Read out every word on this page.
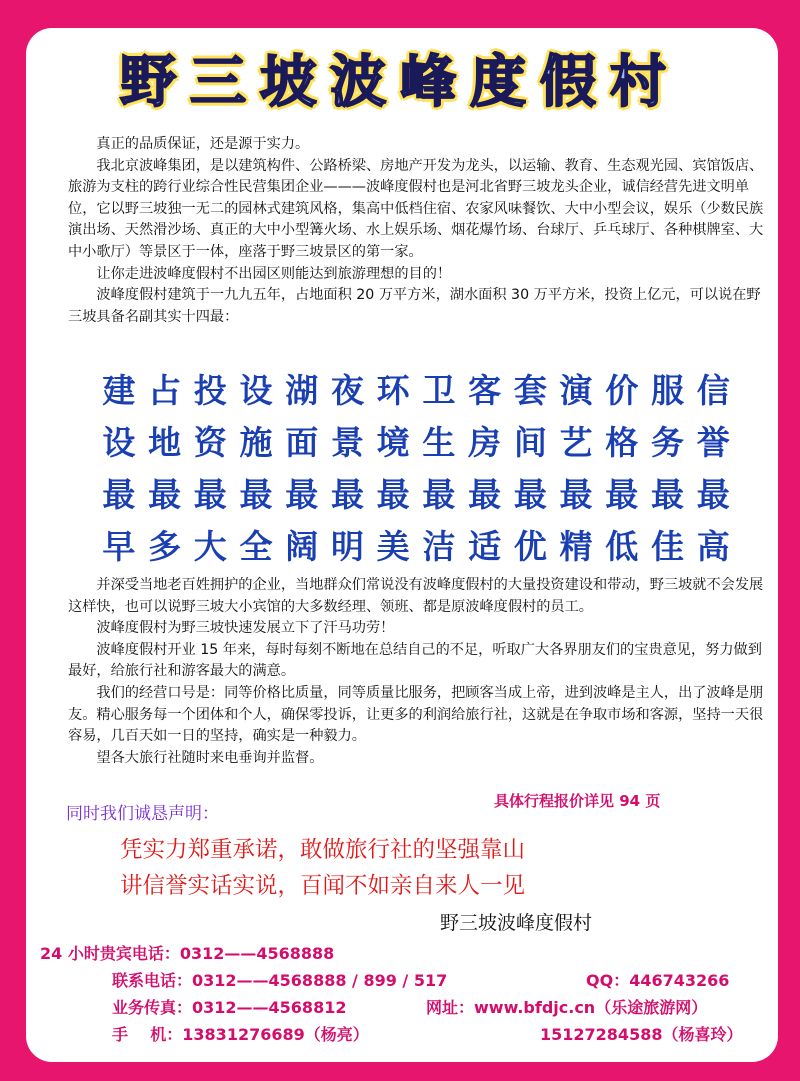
野三坡波峰度假村

真正的品质保证，还是源于实力。

我北京波峰集团，是以建筑构件、公路桥梁、房地产开发为龙头，以运输、教育、生态观光园、宾馆饭店、旅游为支柱的跨行业综合性民营集团企业———波峰度假村也是河北省野三坡龙头企业，诚信经营先进文明单位，它以野三坡独一无二的园林式建筑风格，集高中低档住宿、农家风味餐饮、大中小型会议，娱乐（少数民族演出场、天然滑沙场、真正的大中小型篝火场、水上娱乐场、烟花爆竹场、台球厅、乒乓球厅、各种棋牌室、大中小歌厅）等景区于一体，座落于野三坡景区的第一家。

让你走进波峰度假村不出园区则能达到旅游理想的目的！

波峰度假村建筑于一九九五年，占地面积 20 万平方米，湖水面积 30 万平方米，投资上亿元，可以说在野三坡具备名副其实十四最：

建 占 投 设 湖 夜 环 卫 客 套 演 价 服 信
设 地 资 施 面 景 境 生 房 间 艺 格 务 誉
最 最 最 最 最 最 最 最 最 最 最 最 最 最
早 多 大 全 阔 明 美 洁 适 优 精 低 佳 高

并深受当地老百姓拥护的企业，当地群众们常说没有波峰度假村的大量投资建设和带动，野三坡就不会发展这样快，也可以说野三坡大小宾馆的大多数经理、领班、都是原波峰度假村的员工。

波峰度假村为野三坡快速发展立下了汗马功劳！

波峰度假村开业 15 年来，每时每刻不断地在总结自己的不足，听取广大各界朋友们的宝贵意见，努力做到最好，给旅行社和游客最大的满意。

我们的经营口号是：同等价格比质量，同等质量比服务，把顾客当成上帝，进到波峰是主人，出了波峰是朋友。精心服务每一个团体和个人，确保零投诉，让更多的利润给旅行社，这就是在争取市场和客源，坚持一天很容易，几百天如一日的坚持，确实是一种毅力。

望各大旅行社随时来电垂询并监督。

具体行程报价详见 94 页
同时我们诚恳声明：
凭实力郑重承诺，敢做旅行社的坚强靠山
讲信誉实话实说，百闻不如亲自来人一见
野三坡波峰度假村
24 小时贵宾电话：0312——4568888
联系电话：0312——4568888 / 899 / 517	QQ：446743266
业务传真：0312——4568812	网址：www.bfdjc.cn（乐途旅游网）
手    机：13831276689（杨亮）	15127284588（杨喜玲）
